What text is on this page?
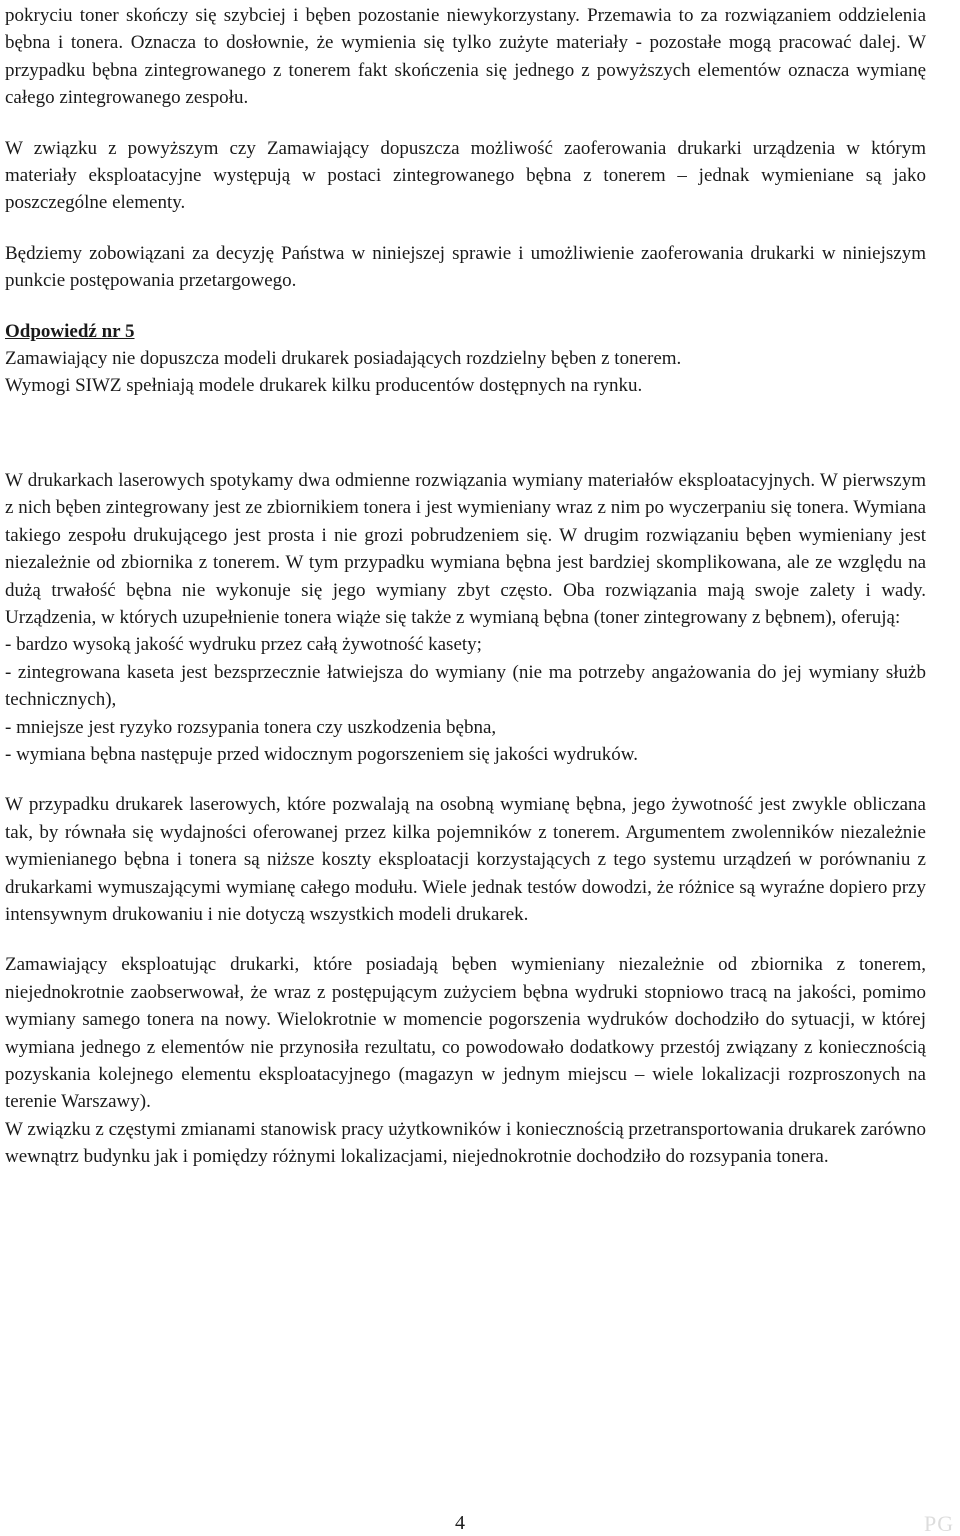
pokryciu toner skończy się szybciej i bęben pozostanie niewykorzystany. Przemawia to za rozwiązaniem oddzielenia bębna i tonera. Oznacza to dosłownie, że wymienia się tylko zużyte materiały - pozostałe mogą pracować dalej. W przypadku bębna zintegrowanego z tonerem fakt skończenia się jednego z powyższych elementów oznacza wymianę całego zintegrowanego zespołu.

W związku z powyższym czy Zamawiający dopuszcza możliwość zaoferowania drukarki urządzenia w którym materiały eksploatacyjne występują w postaci zintegrowanego bębna z tonerem – jednak wymieniane są jako poszczególne elementy.

Będziemy zobowiązani za decyzję Państwa w niniejszej sprawie i umożliwienie zaoferowania drukarki w niniejszym punkcie postępowania przetargowego.

Odpowiedź nr 5

Zamawiający nie dopuszcza modeli drukarek posiadających rozdzielny bęben z tonerem.
Wymogi SIWZ spełniają modele drukarek kilku producentów dostępnych na rynku.

W drukarkach laserowych spotykamy dwa odmienne rozwiązania wymiany materiałów eksploatacyjnych. W pierwszym z nich bęben zintegrowany jest ze zbiornikiem tonera i jest wymieniany wraz z nim po wyczerpaniu się tonera. Wymiana takiego zespołu drukującego jest prosta i nie grozi pobrudzeniem się. W drugim rozwiązaniu bęben wymieniany jest niezależnie od zbiornika z tonerem. W tym przypadku wymiana bębna jest bardziej skomplikowana, ale ze względu na dużą trwałość bębna nie wykonuje się jego wymiany zbyt często. Oba rozwiązania mają swoje zalety i wady. Urządzenia, w których uzupełnienie tonera wiąże się także z wymianą bębna (toner zintegrowany z bębnem), oferują:

- bardzo wysoką jakość wydruku przez całą żywotność kasety;

- zintegrowana kaseta jest bezsprzecznie łatwiejsza do wymiany (nie ma potrzeby angażowania do jej wymiany służb technicznych),

- mniejsze jest ryzyko rozsypania tonera czy uszkodzenia bębna,

- wymiana bębna następuje przed widocznym pogorszeniem się jakości wydruków.

W przypadku drukarek laserowych, które pozwalają na osobną wymianę bębna, jego żywotność jest zwykle obliczana tak, by równała się wydajności oferowanej przez kilka pojemników z tonerem. Argumentem zwolenników niezależnie wymienianego bębna i tonera są niższe koszty eksploatacji korzystających z tego systemu urządzeń w porównaniu z drukarkami wymuszającymi wymianę całego modułu. Wiele jednak testów dowodzi, że różnice są wyraźne dopiero przy intensywnym drukowaniu i nie dotyczą wszystkich modeli drukarek.

Zamawiający eksploatując drukarki, które posiadają bęben wymieniany niezależnie od zbiornika z tonerem, niejednokrotnie zaobserwował, że wraz z postępującym zużyciem bębna wydruki stopniowo tracą na jakości, pomimo wymiany samego tonera na nowy. Wielokrotnie w momencie pogorszenia wydruków dochodziło do sytuacji, w której wymiana jednego z elementów nie przynosiła rezultatu, co powodowało dodatkowy przestój związany z koniecznością pozyskania kolejnego elementu eksploatacyjnego (magazyn w jednym miejscu – wiele lokalizacji rozproszonych na terenie Warszawy).

W związku z częstymi zmianami stanowisk pracy użytkowników i koniecznością przetransportowania drukarek zarówno wewnątrz budynku jak i pomiędzy różnymi lokalizacjami, niejednokrotnie dochodziło do rozsypania tonera.

4	PG
